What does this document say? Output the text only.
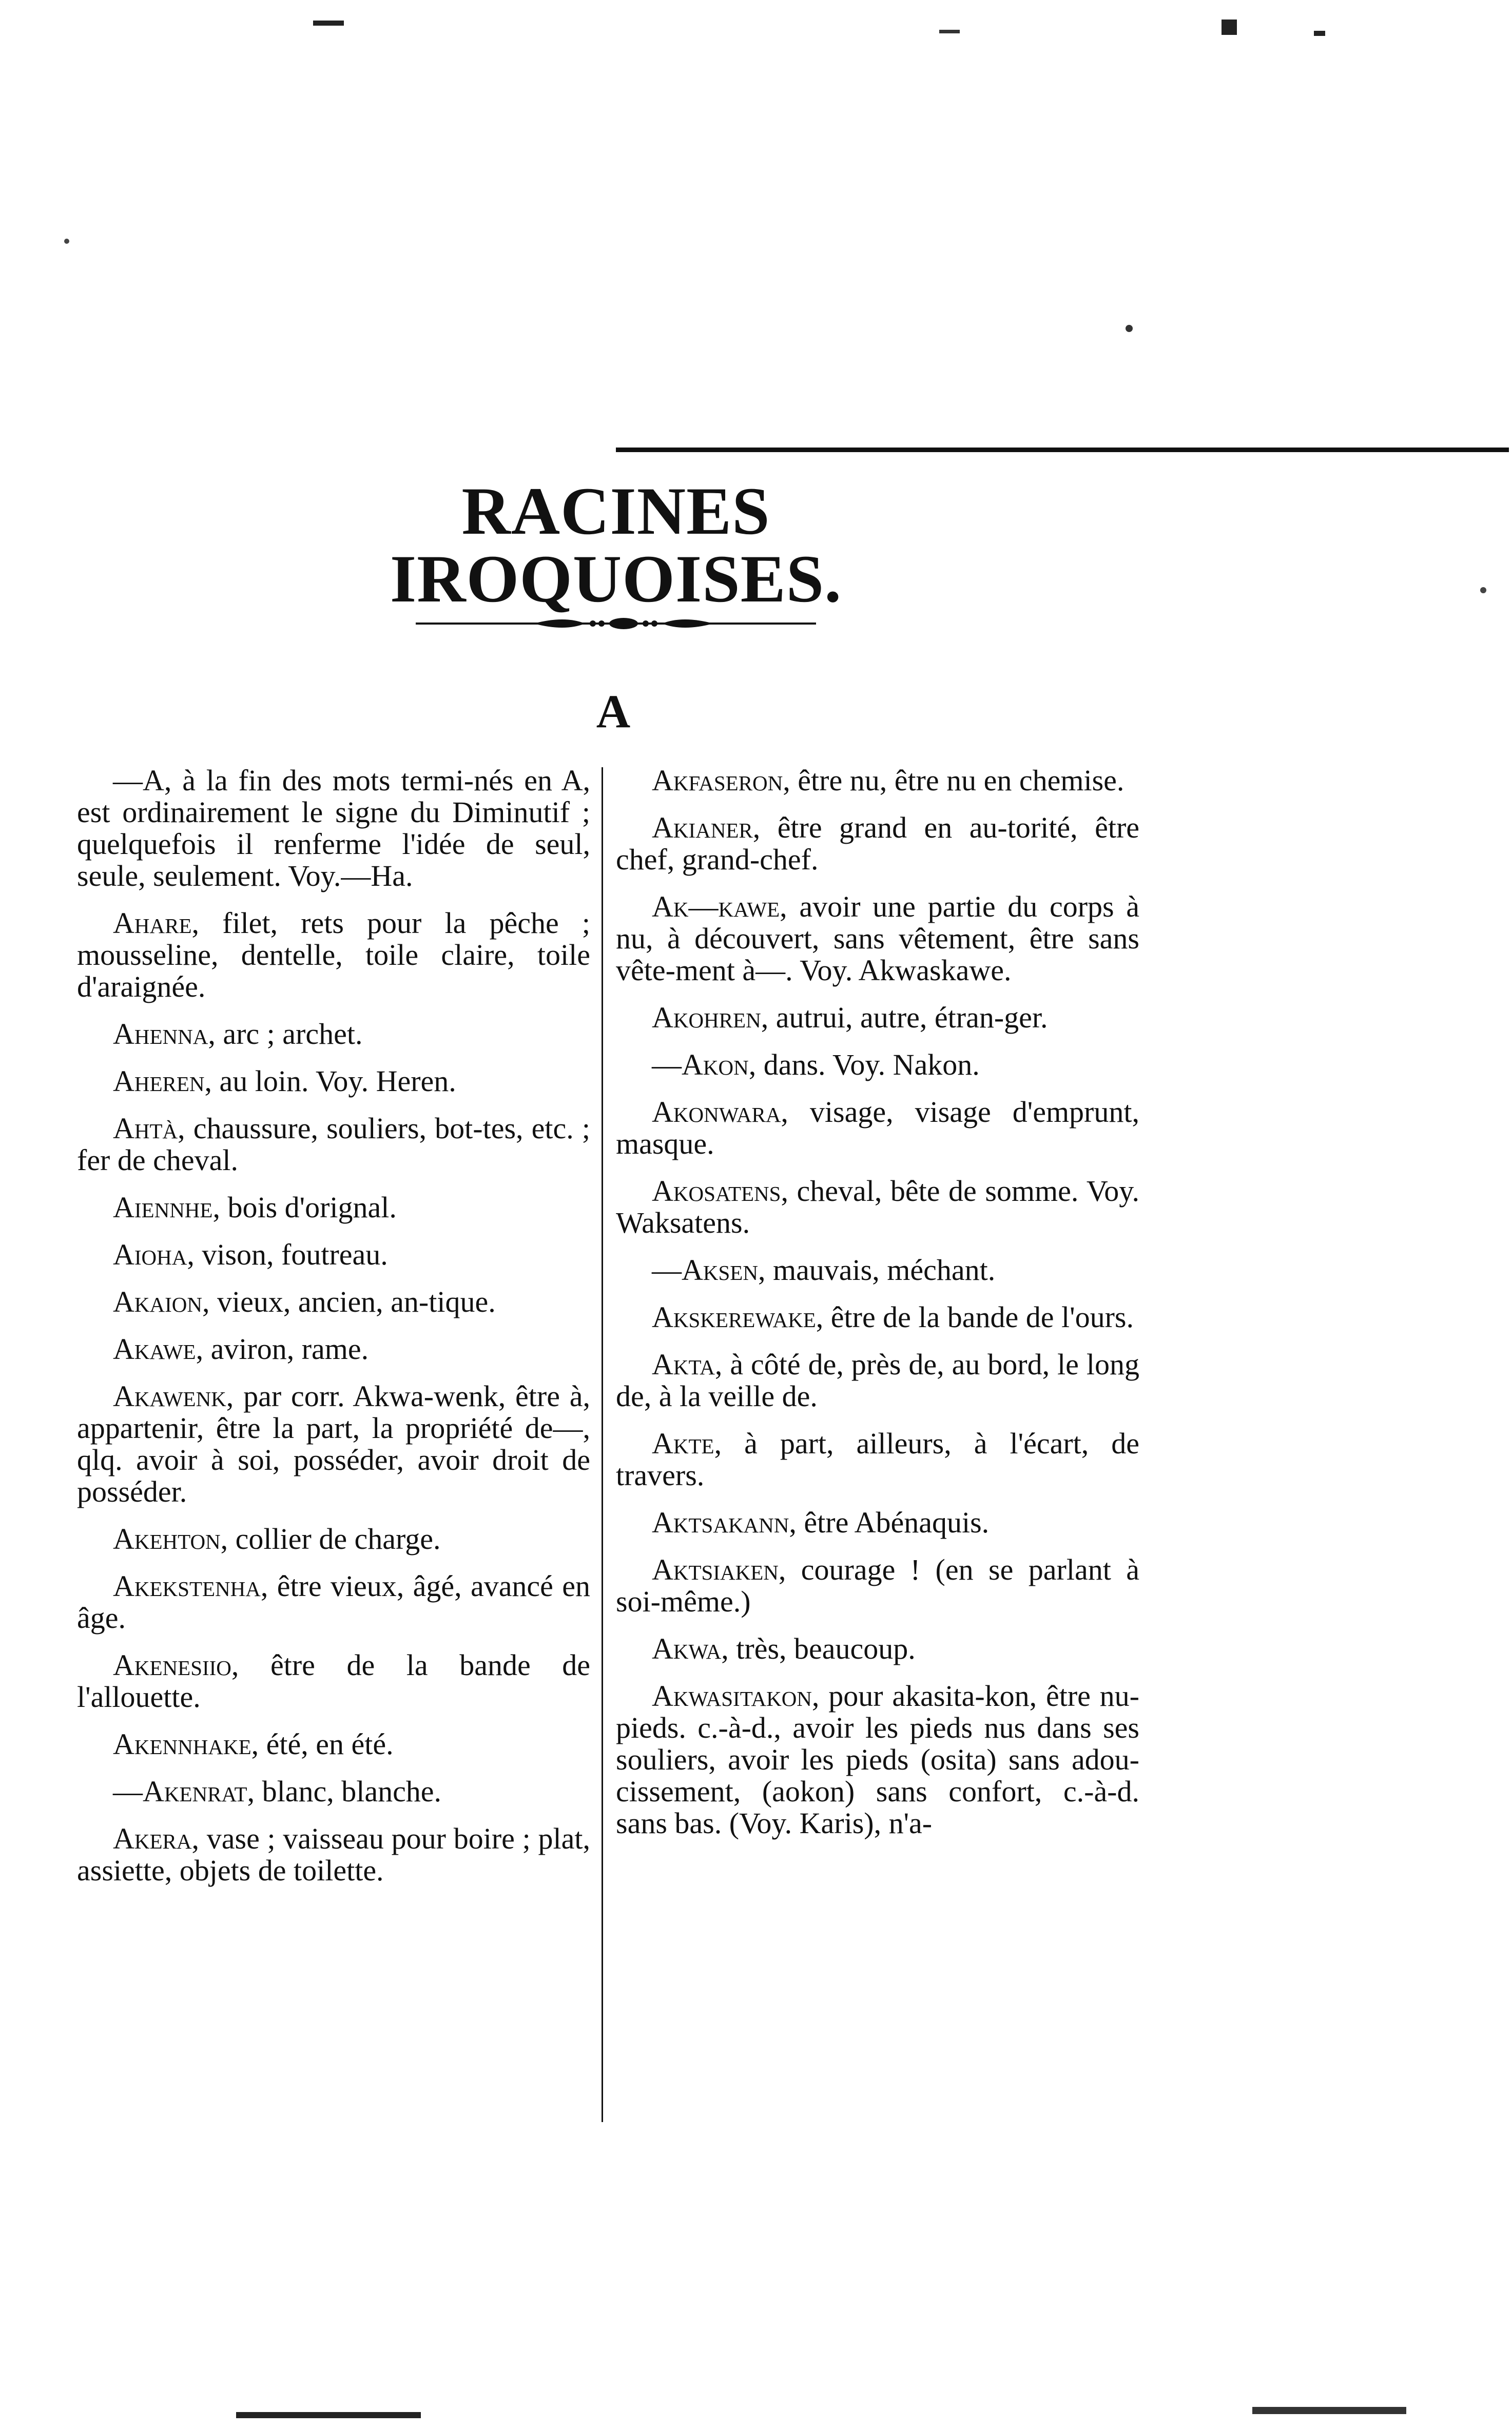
RACINES IROQUOISES.
A

—A, à la fin des mots termi-nés en A, est ordinairement le signe du Diminutif ; quelquefois il renferme l'idée de seul, seule, seulement. Voy.—Ha.

Ahare, filet, rets pour la pêche ; mousseline, dentelle, toile claire, toile d'araignée.

Ahenna, arc ; archet.

Aheren, au loin. Voy. Heren.

Ahtà, chaussure, souliers, bot-tes, etc. ; fer de cheval.

Aiennhe, bois d'orignal.

Aioha, vison, foutreau.

Akaion, vieux, ancien, an-tique.

Akawe, aviron, rame.

Akawenk, par corr. Akwa-wenk, être à, appartenir, être la part, la propriété de—, qlq. avoir à soi, posséder, avoir droit de posséder.

Akehton, collier de charge.

Akekstenha, être vieux, âgé, avancé en âge.

Akenesiio, être de la bande de l'allouette.

Akennhake, été, en été.

—Akenrat, blanc, blanche.

Akera, vase ; vaisseau pour boire ; plat, assiette, objets de toilette.

Akfaseron, être nu, être nu en chemise.

Akianer, être grand en au-torité, être chef, grand-chef.

Ak—kawe, avoir une partie du corps à nu, à découvert, sans vêtement, être sans vête-ment à—. Voy. Akwaskawe.

Akohren, autrui, autre, étran-ger.

—Akon, dans. Voy. Nakon.

Akonwara, visage, visage d'emprunt, masque.

Akosatens, cheval, bête de somme. Voy. Waksatens.

—Aksen, mauvais, méchant.

Akskerewake, être de la bande de l'ours.

Akta, à côté de, près de, au bord, le long de, à la veille de.

Akte, à part, ailleurs, à l'écart, de travers.

Aktsakann, être Abénaquis.

Aktsiaken, courage ! (en se parlant à soi-même.)

Akwa, très, beaucoup.

Akwasitakon, pour akasita-kon, être nu-pieds. c.-à-d., avoir les pieds nus dans ses souliers, avoir les pieds (osita) sans adou-cissement, (aokon) sans confort, c.-à-d. sans bas. (Voy. Karis), n'a-
